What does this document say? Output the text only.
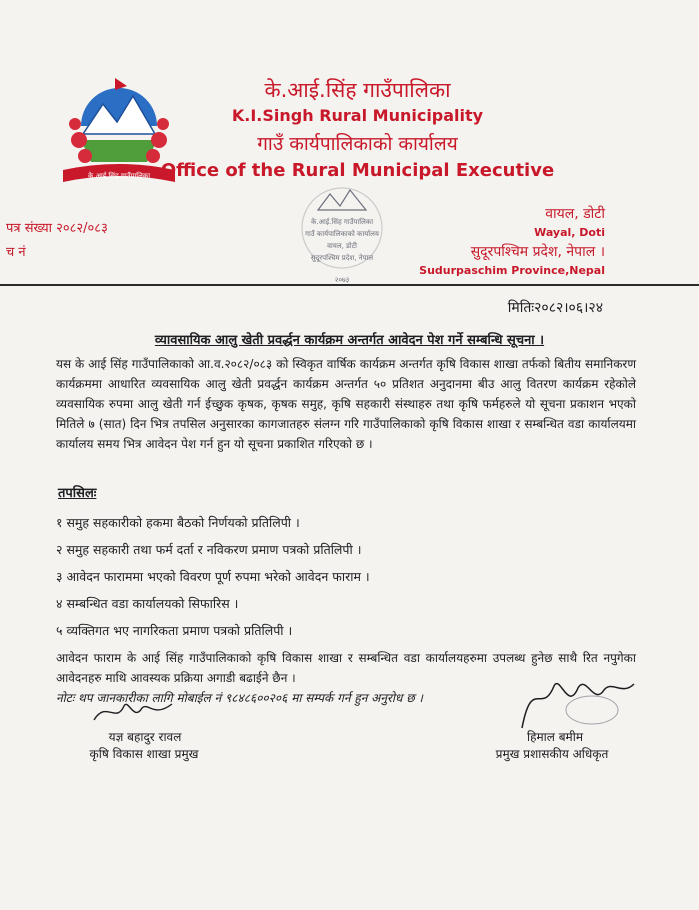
के.आई.सिंह गाउँपालिका
के.आई.सिंह गाउँपालिका
K.I.Singh Rural Municipality
गाउँ कार्यपालिकाको कार्यालय
Office of the Rural Municipal Executive
पत्र संख्या २०८२/०८३
च नं
वायल, डोटी
Wayal, Doti
सुदूरपश्चिम प्रदेश, नेपाल ।
Sudurpaschim Province,Nepal
के.आई.सिंह गाउँपालिका
गाउँ कार्यपालिकाको कार्यालय
वायल, डोटी
सुदूरपश्चिम प्रदेश, नेपाल
२०७३
मितिः२०८२।०६।२४
व्यावसायिक आलु खेती प्रवर्द्धन कार्यक्रम अन्तर्गत आवेदन पेश गर्ने सम्बन्धि सूचना ।
यस के आई सिंह गाउँपालिकाको आ.व.२०८२/०८३ को स्विकृत वार्षिक कार्यक्रम अन्तर्गत कृषि विकास शाखा तर्फको बितीय समानिकरण कार्यक्रममा आधारित व्यवसायिक आलु खेती प्रवर्द्धन कार्यक्रम अन्तर्गत ५० प्रतिशत अनुदानमा बीउ आलु वितरण कार्यक्रम रहेकोले व्यवसायिक रुपमा आलु खेती गर्न ईच्छुक कृषक, कृषक समुह, कृषि सहकारी संस्थाहरु तथा कृषि फर्महरुले यो सूचना प्रकाशन भएको मितिले ७ (सात) दिन भित्र तपसिल अनुसारका कागजातहरु संलग्न गरि गाउँपालिकाको कृषि विकास शाखा र सम्बन्धित वडा कार्यालयमा कार्यालय समय भित्र आवेदन पेश गर्न हुन यो सूचना प्रकाशित गरिएको छ ।
तपसिलः
१ समुह सहकारीको हकमा बैठको निर्णयको प्रतिलिपी ।
२ समुह सहकारी तथा फर्म दर्ता र नविकरण प्रमाण पत्रको प्रतिलिपी ।
३ आवेदन फाराममा भएको विवरण पूर्ण रुपमा भरेको आवेदन फाराम ।
४ सम्बन्धित वडा कार्यालयको सिफारिस ।
५ व्यक्तिगत भए नागरिकता प्रमाण पत्रको प्रतिलिपी ।
आवेदन फाराम के आई सिंह गाउँपालिकाको कृषि विकास शाखा र सम्बन्धित वडा कार्यालयहरुमा उपलब्ध हुनेछ साथै रित नपुगेका आवेदनहरु माथि आवस्यक प्रक्रिया अगाडी बढाईने छैन ।
नोटः थप जानकारीका लागि मोबाईल नं ९८४८६००२०६ मा सम्पर्क गर्न हुन अनुरोध छ ।
यज्ञ बहादुर रावल
कृषि विकास शाखा प्रमुख
हिमाल बमीम
प्रमुख प्रशासकीय अधिकृत
